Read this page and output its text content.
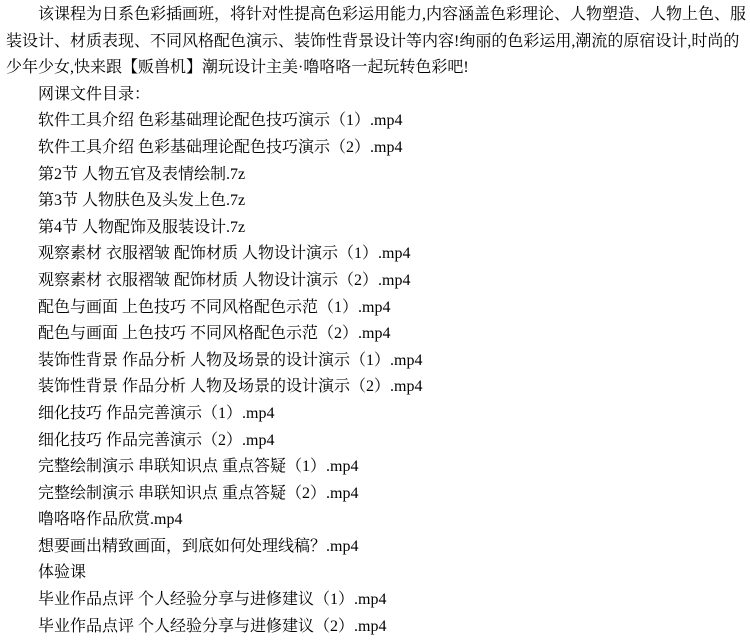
该课程为日系色彩插画班，将针对性提高色彩运用能力,内容涵盖色彩理论、人物塑造、人物上色、服装设计、材质表现、不同风格配色演示、装饰性背景设计等内容!绚丽的色彩运用,潮流的原宿设计,时尚的少年少女,快来跟【贩兽机】潮玩设计主美·噜咯咯一起玩转色彩吧!

网课文件目录：

软件工具介绍 色彩基础理论配色技巧演示（1）.mp4

软件工具介绍 色彩基础理论配色技巧演示（2）.mp4

第2节 人物五官及表情绘制.7z

第3节 人物肤色及头发上色.7z

第4节 人物配饰及服装设计.7z

观察素材 衣服褶皱 配饰材质 人物设计演示（1）.mp4

观察素材 衣服褶皱 配饰材质 人物设计演示（2）.mp4

配色与画面 上色技巧 不同风格配色示范（1）.mp4

配色与画面 上色技巧 不同风格配色示范（2）.mp4

装饰性背景 作品分析 人物及场景的设计演示（1）.mp4

装饰性背景 作品分析 人物及场景的设计演示（2）.mp4

细化技巧 作品完善演示（1）.mp4

细化技巧 作品完善演示（2）.mp4

完整绘制演示 串联知识点 重点答疑（1）.mp4

完整绘制演示 串联知识点 重点答疑（2）.mp4

噜咯咯作品欣赏.mp4

想要画出精致画面，到底如何处理线稿？.mp4

体验课

毕业作品点评 个人经验分享与进修建议（1）.mp4

毕业作品点评 个人经验分享与进修建议（2）.mp4
